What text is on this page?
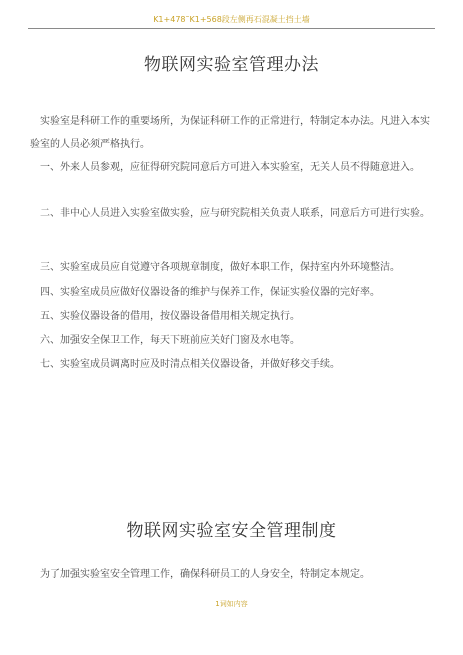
K1+478˜K1+568段左侧再石混凝土挡土墙
物联网实验室管理办法

实验室是科研工作的重要场所，为保证科研工作的正常进行，特制定本办法。凡进入本实验室的人员必须严格执行。

一、外来人员参观，应征得研究院同意后方可进入本实验室，无关人员不得随意进入。

二、非中心人员进入实验室做实验，应与研究院相关负责人联系，同意后方可进行实验。

三、实验室成员应自觉遵守各项规章制度，做好本职工作，保持室内外环境整洁。

四、实验室成员应做好仪器设备的维护与保养工作，保证实验仪器的完好率。

五、实验仪器设备的借用，按仪器设备借用相关规定执行。

六、加强安全保卫工作，每天下班前应关好门窗及水电等。

七、实验室成员调离时应及时清点相关仪器设备，并做好移交手续。

物联网实验室安全管理制度

为了加强实验室安全管理工作，确保科研员工的人身安全，特制定本规定。

1词如内容
